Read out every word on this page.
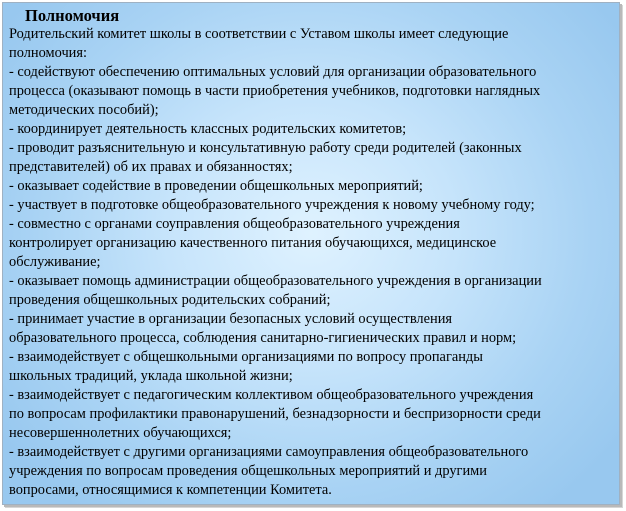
Полномочия

Родительский комитет школы в соответствии с Уставом школы имеет следующие
полномочия:

- содействуют обеспечению оптимальных условий для организации образовательного
процесса (оказывают помощь в части приобретения учебников, подготовки наглядных
методических пособий);

- координирует деятельность классных родительских комитетов;

- проводит разъяснительную и консультативную работу среди родителей (законных
представителей) об их правах и обязанностях;

- оказывает содействие в проведении общешкольных мероприятий;

- участвует в подготовке общеобразовательного учреждения к новому учебному году;

- совместно с органами соуправления общеобразовательного учреждения
контролирует организацию качественного питания обучающихся, медицинское
обслуживание;

- оказывает помощь администрации общеобразовательного учреждения в организации
проведения общешкольных родительских собраний;

- принимает участие в организации безопасных условий осуществления
образовательного процесса, соблюдения санитарно-гигиенических правил и норм;

- взаимодействует с общешкольными организациями по вопросу пропаганды
школьных традиций, уклада школьной жизни;

- взаимодействует с педагогическим коллективом общеобразовательного учреждения
по вопросам профилактики правонарушений, безнадзорности и беспризорности среди
несовершеннолетних обучающихся;

- взаимодействует с другими организациями самоуправления общеобразовательного
учреждения по вопросам проведения общешкольных мероприятий и другими
вопросами, относящимися к компетенции Комитета.
